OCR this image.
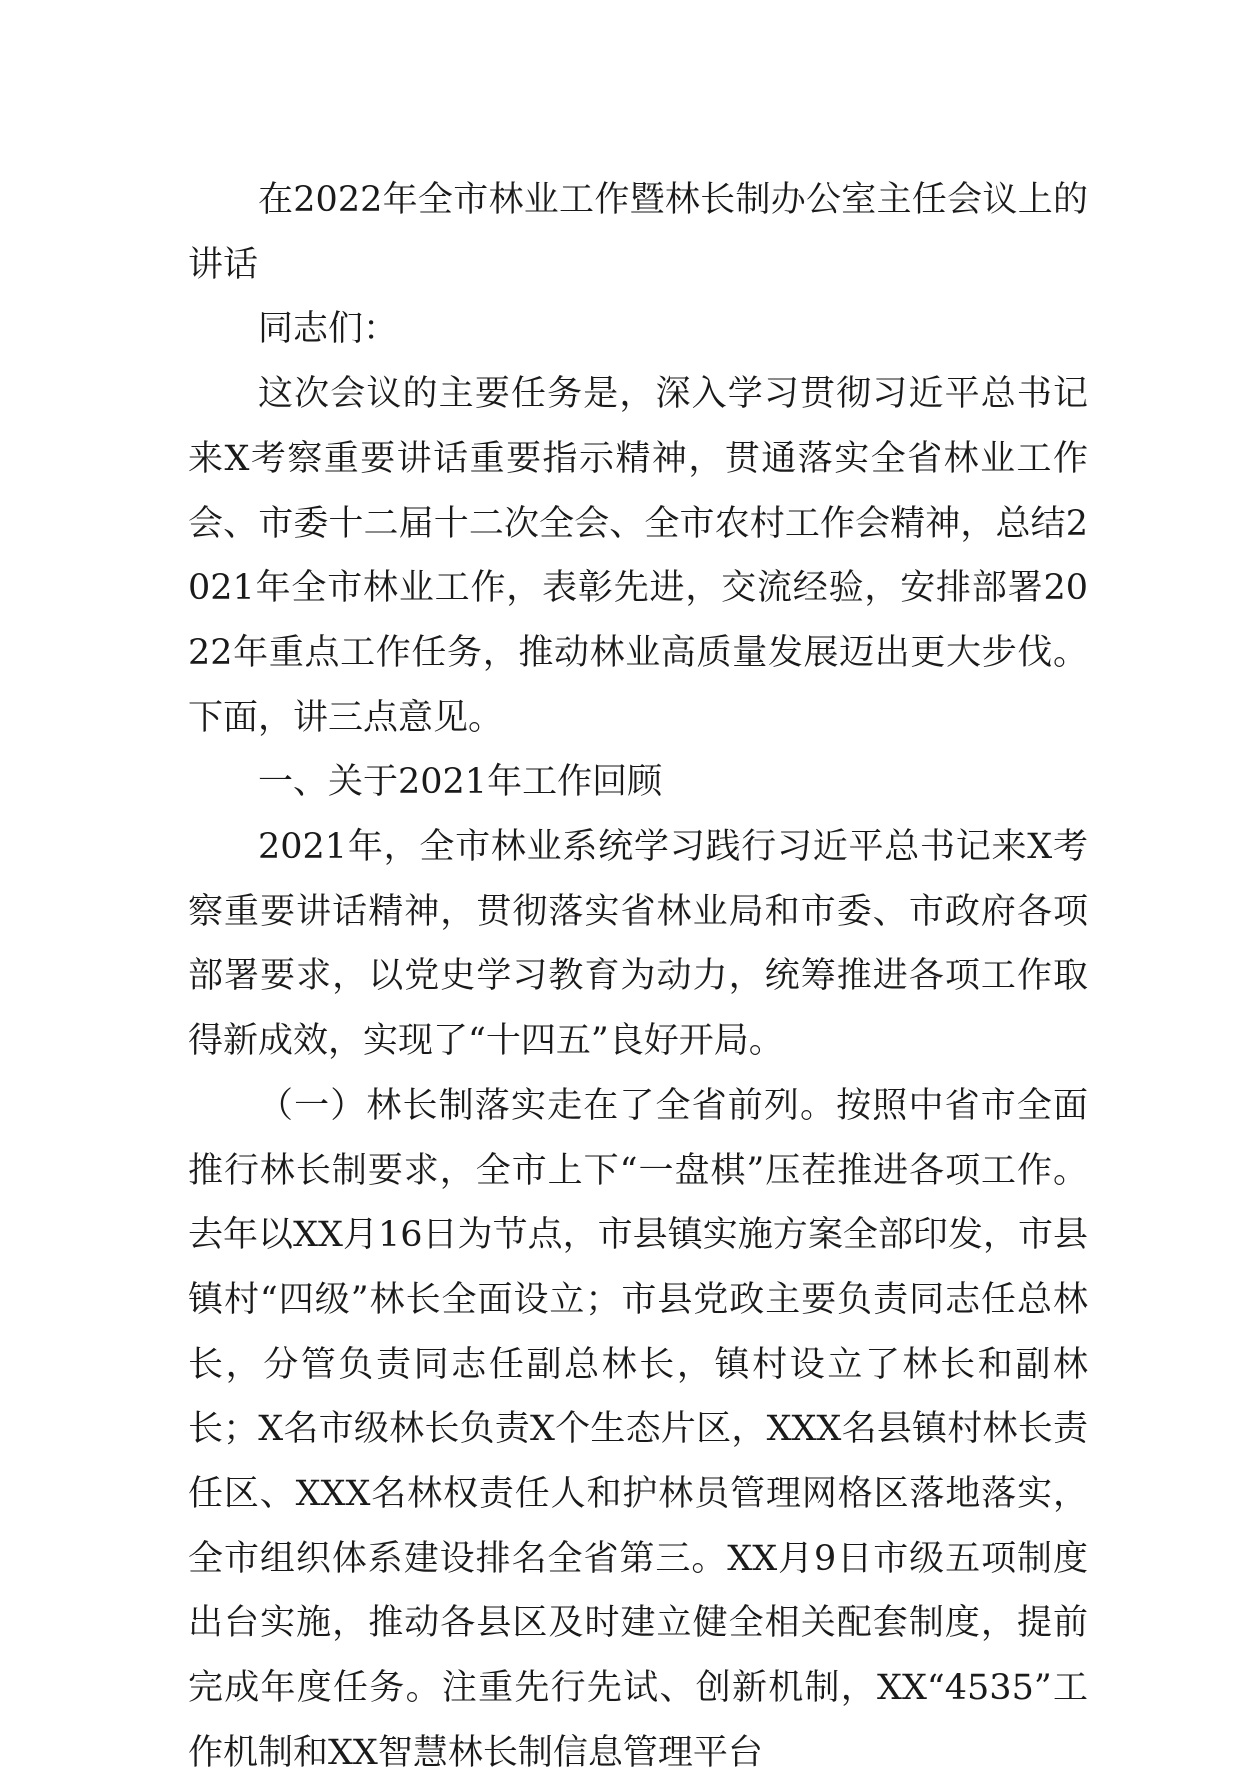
在2022年全市林业工作暨林长制办公室主任会议上的讲话

同志们：

这次会议的主要任务是，深入学习贯彻习近平总书记来X考察重要讲话重要指示精神，贯通落实全省林业工作会、市委十二届十二次全会、全市农村工作会精神，总结2021年全市林业工作，表彰先进，交流经验，安排部署2022年重点工作任务，推动林业高质量发展迈出更大步伐。下面，讲三点意见。

一、关于2021年工作回顾

2021年，全市林业系统学习践行习近平总书记来X考察重要讲话精神，贯彻落实省林业局和市委、市政府各项部署要求，以党史学习教育为动力，统筹推进各项工作取得新成效，实现了“十四五”良好开局。

（一）林长制落实走在了全省前列。按照中省市全面推行林长制要求，全市上下“一盘棋”压茬推进各项工作。去年以XX月16日为节点，市县镇实施方案全部印发，市县镇村“四级”林长全面设立；市县党政主要负责同志任总林长，分管负责同志任副总林长，镇村设立了林长和副林长；X名市级林长负责X个生态片区，XXX名县镇村林长责任区、XXX名林权责任人和护林员管理网格区落地落实，全市组织体系建设排名全省第三。XX月9日市级五项制度出台实施，推动各县区及时建立健全相关配套制度，提前完成年度任务。注重先行先试、创新机制，XX“4535”工作机制和XX智慧林长制信息管理平台
